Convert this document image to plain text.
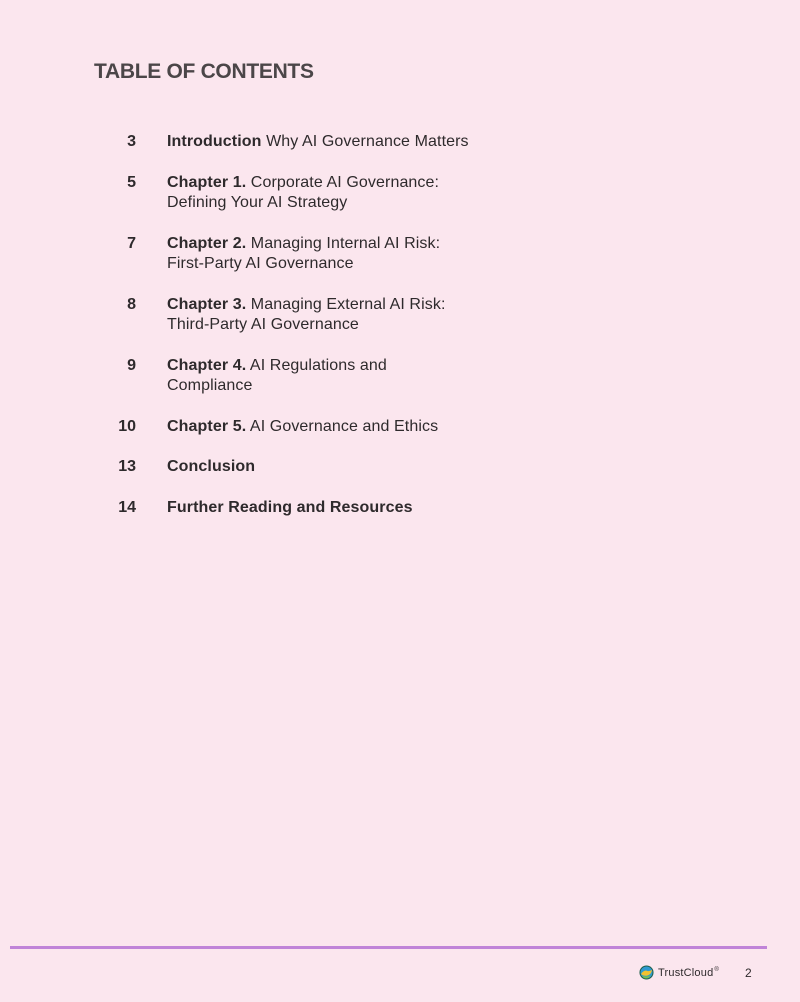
TABLE OF CONTENTS
3 Introduction Why AI Governance Matters
5 Chapter 1. Corporate AI Governance:
Defining Your AI Strategy
7 Chapter 2. Managing Internal AI Risk:
First-Party AI Governance
8 Chapter 3. Managing External AI Risk:
Third-Party AI Governance
9 Chapter 4. AI Regulations and
Compliance
10 Chapter 5. AI Governance and Ethics
13 Conclusion
14 Further Reading and Resources
TrustCloud® 2
